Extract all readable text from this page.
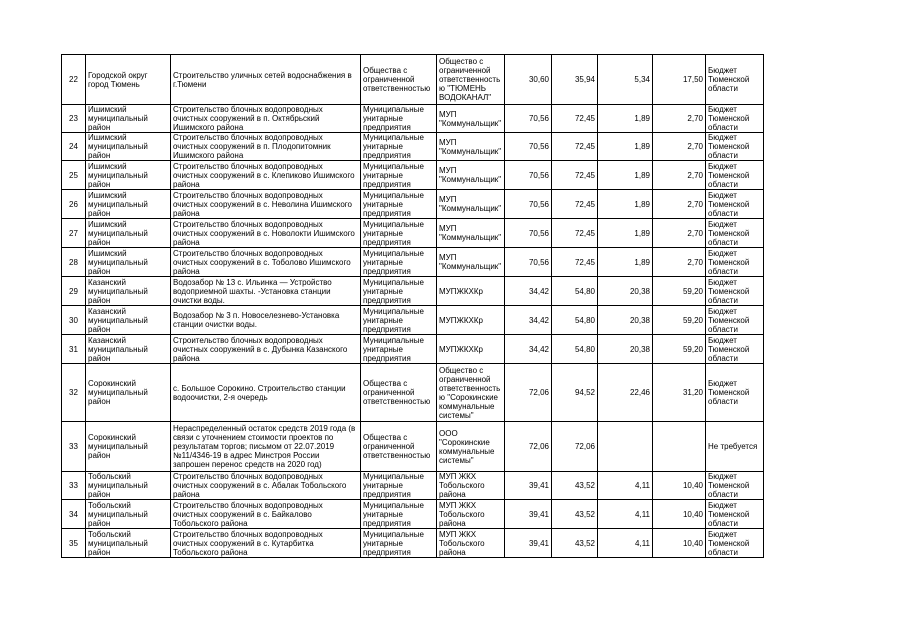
22	Городской округ город Тюмень	Строительство уличных сетей водоснабжения в г.Тюмени	Общества с ограниченной ответственностью	Общество с ограниченной ответственность ю "ТЮМЕНЬ ВОДОКАНАЛ"	30,60	35,94	5,34	17,50	Бюджет Тюменской области
23	Ишимский муниципальный район	Строительство блочных водопроводных очистных сооружений в п. Октябрьский Ишимского района	Муниципальные унитарные предприятия	МУП "Коммунальщик"	70,56	72,45	1,89	2,70	Бюджет Тюменской области
24	Ишимский муниципальный район	Строительство блочных водопроводных очистных сооружений в п. Плодопитомник Ишимского района	Муниципальные унитарные предприятия	МУП "Коммунальщик"	70,56	72,45	1,89	2,70	Бюджет Тюменской области
25	Ишимский муниципальный район	Строительство блочных водопроводных очистных сооружений в с. Клепиково Ишимского района	Муниципальные унитарные предприятия	МУП "Коммунальщик"	70,56	72,45	1,89	2,70	Бюджет Тюменской области
26	Ишимский муниципальный район	Строительство блочных водопроводных очистных сооружений в с. Неволина Ишимского района	Муниципальные унитарные предприятия	МУП "Коммунальщик"	70,56	72,45	1,89	2,70	Бюджет Тюменской области
27	Ишимский муниципальный район	Строительство блочных водопроводных очистных сооружений в с. Новолокти Ишимского района	Муниципальные унитарные предприятия	МУП "Коммунальщик"	70,56	72,45	1,89	2,70	Бюджет Тюменской области
28	Ишимский муниципальный район	Строительство блочных водопроводных очистных сооружений в с. Тоболово Ишимского района	Муниципальные унитарные предприятия	МУП "Коммунальщик"	70,56	72,45	1,89	2,70	Бюджет Тюменской области
29	Казанский муниципальный район	Водозабор № 13 с. Ильинка — Устройство водоприемной шахты. -Установка станции очистки воды.	Муниципальные унитарные предприятия	МУПЖКХКр	34,42	54,80	20,38	59,20	Бюджет Тюменской области
30	Казанский муниципальный район	Водозабор № 3 п. Новоселезнево-Установка станции очистки воды.	Муниципальные унитарные предприятия	МУПЖКХКр	34,42	54,80	20,38	59,20	Бюджет Тюменской области
31	Казанский муниципальный район	Строительство блочных водопроводных очистных сооружений в с. Дубынка Казанского района	Муниципальные унитарные предприятия	МУПЖКХКр	34,42	54,80	20,38	59,20	Бюджет Тюменской области
32	Сорокинский муниципальный район	с. Большое Сорокино. Строительство станции водоочистки, 2-я очередь	Общества с ограниченной ответственностью	Общество с ограниченной ответственность ю "Сорокинские коммунальные системы"	72,06	94,52	22,46	31,20	Бюджет Тюменской области
33	Сорокинский муниципальный район	Нераспределенный остаток средств 2019 года (в связи с уточнением стоимости проектов по результатам торгов; письмом от 22.07.2019 №11/4346-19 в адрес Минстроя России запрошен перенос средств на 2020 год)	Общества с ограниченной ответственностью	ООО "Сорокинские коммунальные системы"	72,06	72,06			Не требуется
33	Тобольский муниципальный район	Строительство блочных водопроводных очистных сооружений в с. Абалак Тобольского района	Муниципальные унитарные предприятия	МУП ЖКХ Тобольского района	39,41	43,52	4,11	10,40	Бюджет Тюменской области
34	Тобольский муниципальный район	Строительство блочных водопроводных очистных сооружений в с. Байкалово Тобольского района	Муниципальные унитарные предприятия	МУП ЖКХ Тобольского района	39,41	43,52	4,11	10,40	Бюджет Тюменской области
35	Тобольский муниципальный район	Строительство блочных водопроводных очистных сооружений в с. Кутарбитка Тобольского района	Муниципальные унитарные предприятия	МУП ЖКХ Тобольского района	39,41	43,52	4,11	10,40	Бюджет Тюменской области
